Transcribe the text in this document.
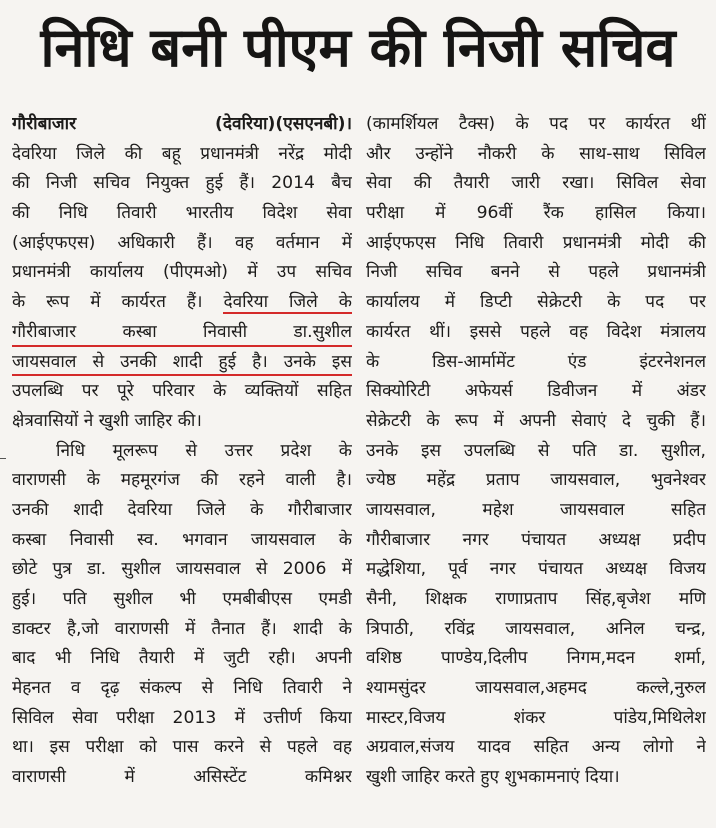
निधि बनी पीएम की निजी सचिव
गौरीबाजार	(देवरिया)(एसएनबी)।
देवरिया जिले की बहू प्रधानमंत्री नरेंद्र मोदी
की निजी सचिव नियुक्त हुई हैं। 2014 बैच
की निधि तिवारी भारतीय विदेश सेवा
(आईएफएस) अधिकारी हैं। वह वर्तमान में
प्रधानमंत्री कार्यालय (पीएमओ) में उप सचिव
के रूप में कार्यरत हैं। देवरिया जिले के
गौरीबाजार कस्बा निवासी डा.सुशील
जायसवाल से उनकी शादी हुई है। उनके इस
उपलब्धि पर पूरे परिवार के व्यक्तियों सहित
क्षेत्रवासियों ने खुशी जाहिर की।
निधि मूलरूप से उत्तर प्रदेश के
वाराणसी के महमूरगंज की रहने वाली है।
उनकी शादी देवरिया जिले के गौरीबाजार
कस्बा निवासी स्व. भगवान जायसवाल के
छोटे पुत्र डा. सुशील जायसवाल से 2006 में
हुई। पति सुशील भी एमबीबीएस एमडी
डाक्टर है,जो वाराणसी में तैनात हैं। शादी के
बाद भी निधि तैयारी में जुटी रही। अपनी
मेहनत व दृढ़ संकल्प से निधि तिवारी ने
सिविल सेवा परीक्षा 2013 में उत्तीर्ण किया
था। इस परीक्षा को पास करने से पहले वह
वाराणसी में असिस्टेंट कमिश्नर
(कामर्शियल टैक्स) के पद पर कार्यरत थीं
और उन्होंने नौकरी के साथ-साथ सिविल
सेवा की तैयारी जारी रखा। सिविल सेवा
परीक्षा में 96वीं रैंक हासिल किया।
आईएफएस निधि तिवारी प्रधानमंत्री मोदी की
निजी सचिव बनने से पहले प्रधानमंत्री
कार्यालय में डिप्टी सेक्रेटरी के पद पर
कार्यरत थीं। इससे पहले वह विदेश मंत्रालय
के डिस-आर्मामेंट एंड इंटरनेशनल
सिक्योरिटी अफेयर्स डिवीजन में अंडर
सेक्रेटरी के रूप में अपनी सेवाएं दे चुकी हैं।
उनके इस उपलब्धि से पति डा. सुशील,
ज्येष्ठ महेंद्र प्रताप जायसवाल, भुवनेश्वर
जायसवाल, महेश जायसवाल सहित
गौरीबाजार नगर पंचायत अध्यक्ष प्रदीप
मद्धेशिया, पूर्व नगर पंचायत अध्यक्ष विजय
सैनी, शिक्षक राणाप्रताप सिंह,बृजेश मणि
त्रिपाठी, रविंद्र जायसवाल, अनिल चन्द्र,
वशिष्ठ पाण्डेय,दिलीप निगम,मदन शर्मा,
श्यामसुंदर जायसवाल,अहमद कल्ले,नुरुल
मास्टर,विजय शंकर पांडेय,मिथिलेश
अग्रवाल,संजय यादव सहित अन्य लोगो ने
खुशी जाहिर करते हुए शुभकामनाएं दिया।
